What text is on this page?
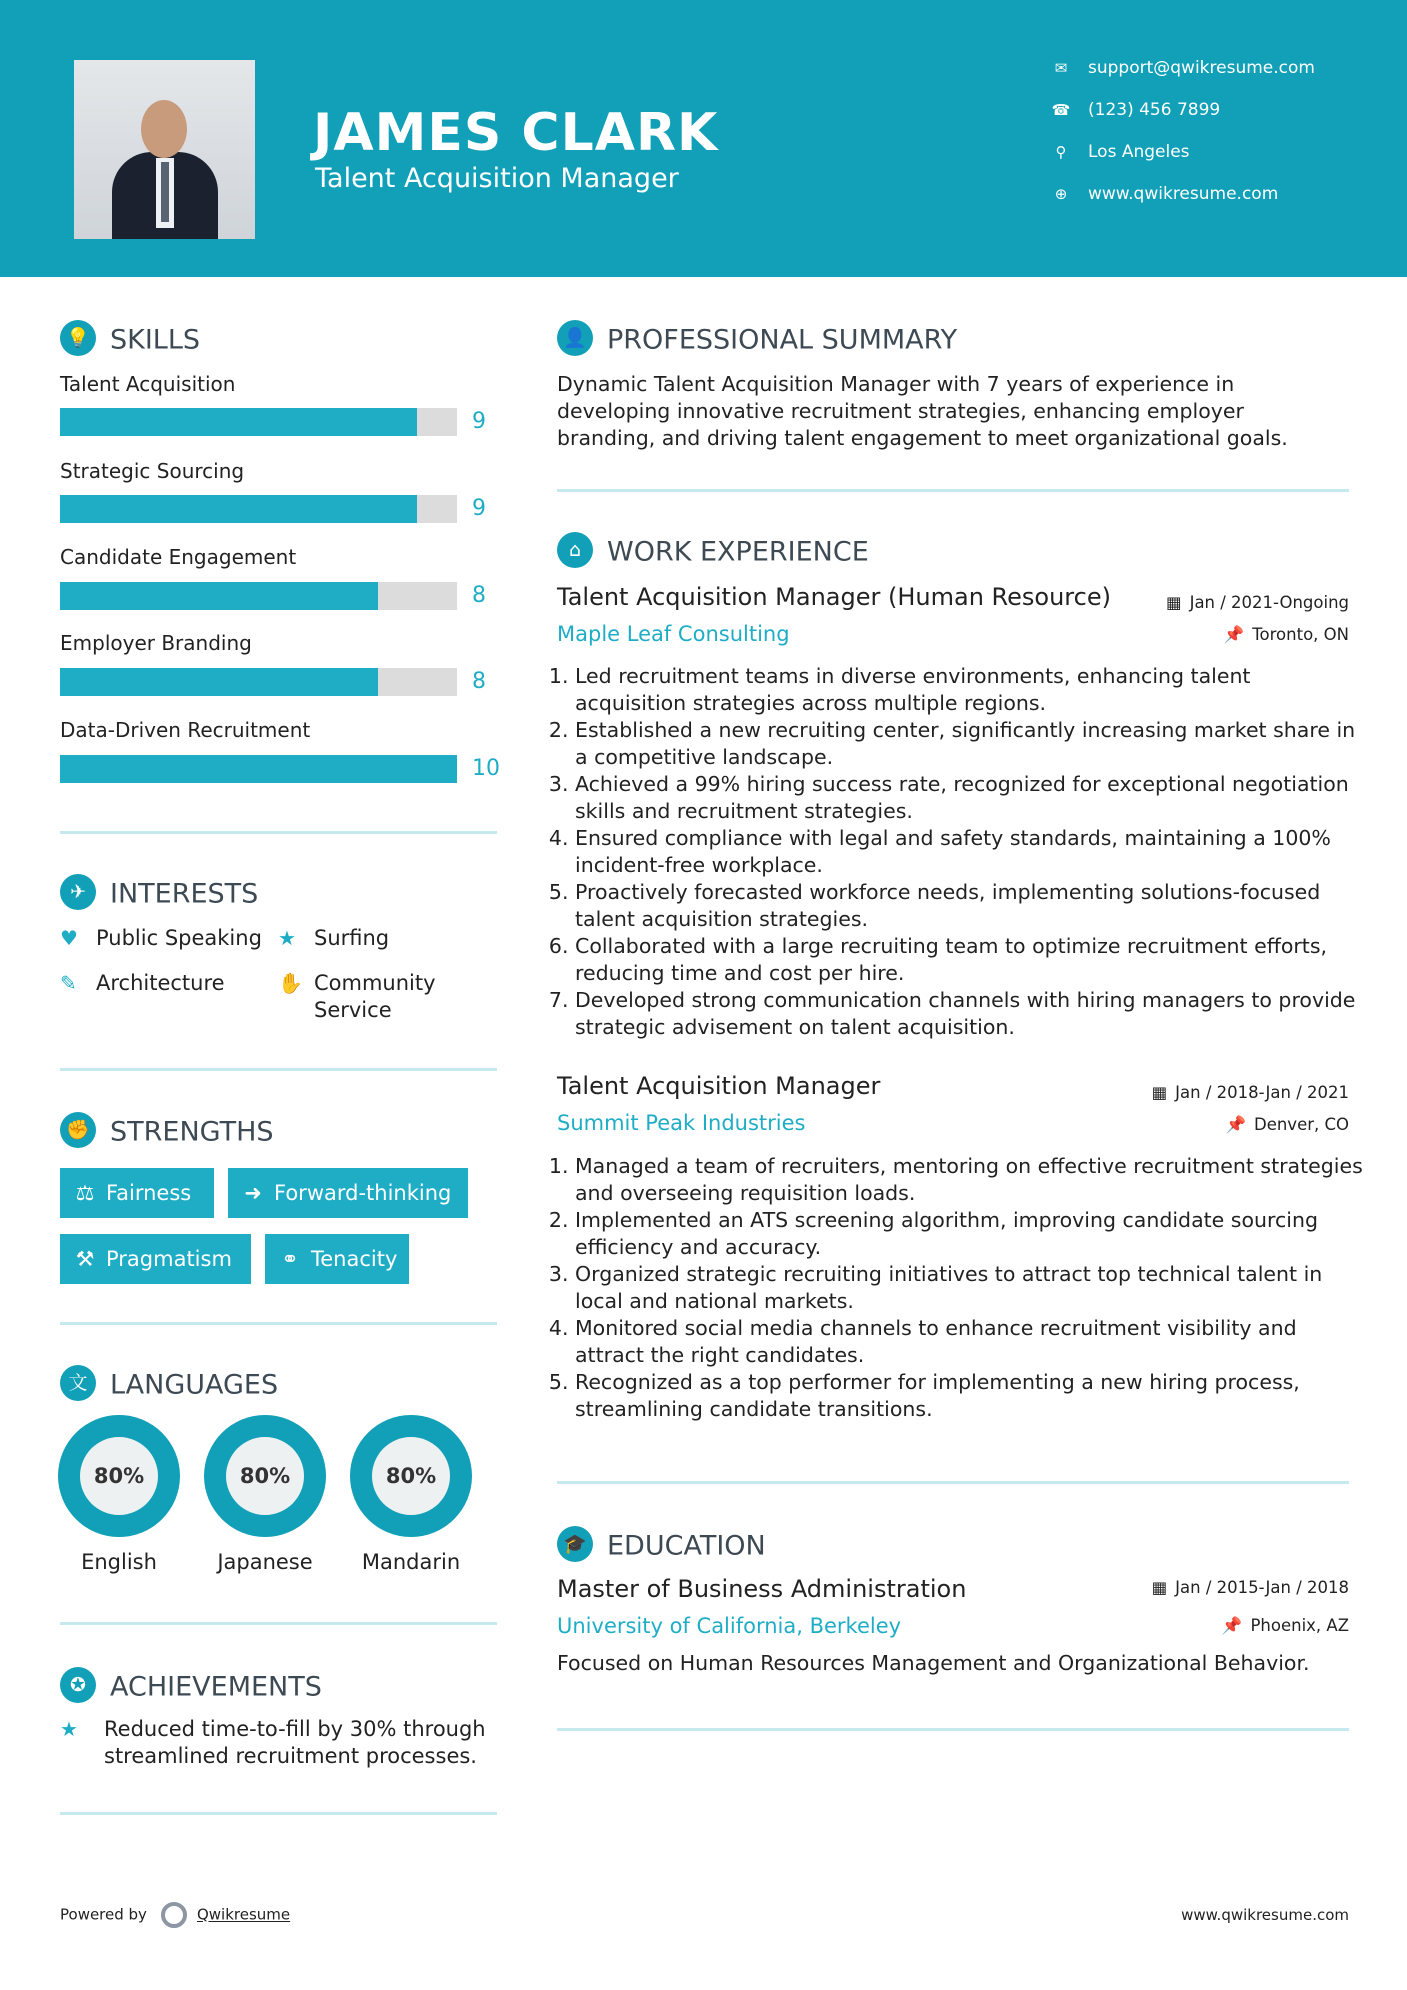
JAMES CLARK
Talent Acquisition Manager
✉ support@qwikresume.com
☎ (123) 456 7899
⚲ Los Angeles
⊕ www.qwikresume.com
💡 SKILLS
Talent Acquisition
9
Strategic Sourcing
9
Candidate Engagement
8
Employer Branding
8
Data-Driven Recruitment
10
✈ INTERESTS
♥ Public Speaking ★ Surfing
✎ Architecture	✋ Community Service
✊ STRENGTHS
⚖ Fairness	➜ Forward-thinking
⚒ Pragmatism	⚭ Tenacity
文 LANGUAGES
80%
English
80%
Japanese
80%
Mandarin
✪ ACHIEVEMENTS
★ Reduced time-to-fill by 30% through streamlined recruitment processes.
👤 PROFESSIONAL SUMMARY
Dynamic Talent Acquisition Manager with 7 years of experience in developing innovative recruitment strategies, enhancing employer branding, and driving talent engagement to meet organizational goals.
⌂ WORK EXPERIENCE
Talent Acquisition Manager (Human Resource)	▦ Jan / 2021-Ongoing
Maple Leaf Consulting	📌 Toronto, ON
1. Led recruitment teams in diverse environments, enhancing talent acquisition strategies across multiple regions.
2. Established a new recruiting center, significantly increasing market share in a competitive landscape.
3. Achieved a 99% hiring success rate, recognized for exceptional negotiation skills and recruitment strategies.
4. Ensured compliance with legal and safety standards, maintaining a 100% incident-free workplace.
5. Proactively forecasted workforce needs, implementing solutions-focused talent acquisition strategies.
6. Collaborated with a large recruiting team to optimize recruitment efforts, reducing time and cost per hire.
7. Developed strong communication channels with hiring managers to provide strategic advisement on talent acquisition.
Talent Acquisition Manager	▦ Jan / 2018-Jan / 2021
Summit Peak Industries	📌 Denver, CO
1. Managed a team of recruiters, mentoring on effective recruitment strategies and overseeing requisition loads.
2. Implemented an ATS screening algorithm, improving candidate sourcing efficiency and accuracy.
3. Organized strategic recruiting initiatives to attract top technical talent in local and national markets.
4. Monitored social media channels to enhance recruitment visibility and attract the right candidates.
5. Recognized as a top performer for implementing a new hiring process, streamlining candidate transitions.
🎓 EDUCATION
Master of Business Administration	▦ Jan / 2015-Jan / 2018
University of California, Berkeley	📌 Phoenix, AZ
Focused on Human Resources Management and Organizational Behavior.
Powered by	Qwikresume	www.qwikresume.com
